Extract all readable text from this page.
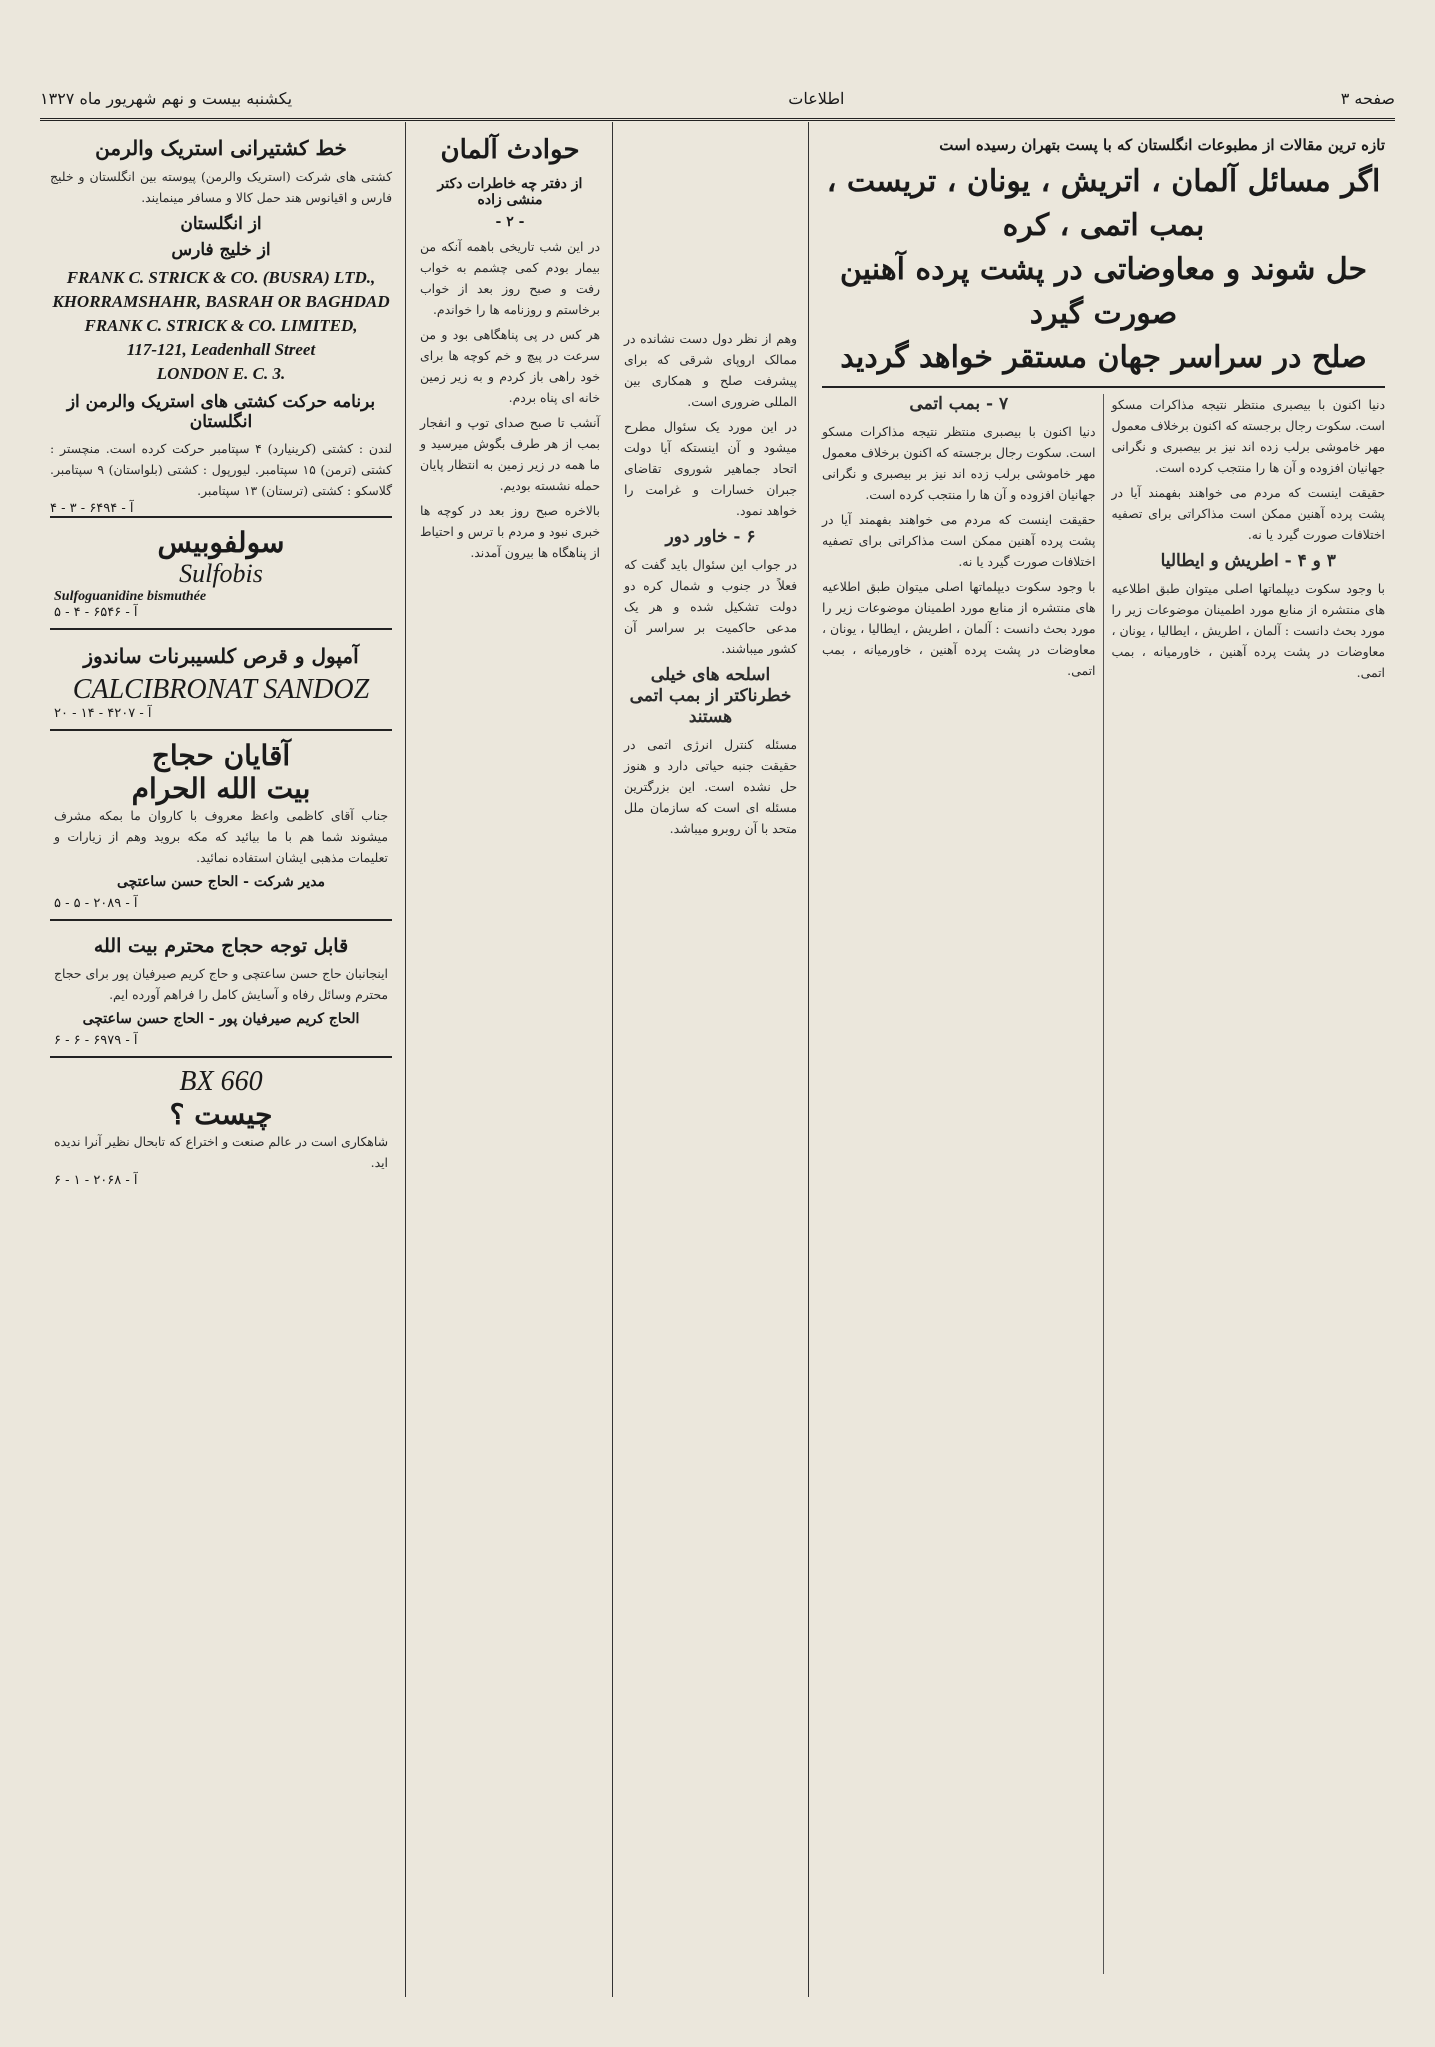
صفحه ۳
اطلاعات
یکشنبه بیست و نهم شهریور ماه ۱۳۲۷
تازه ترین مقالات از مطبوعات انگلستان که با پست بتهران رسیده است
اگر مسائل آلمان ، اتریش ، یونان ، تریست ، بمب اتمی ، کره
حل شوند و معاوضاتی در پشت پرده آهنین صورت گیرد
صلح در سراسر جهان مستقر خواهد گردید

دنیا اکنون با بیصبری منتظر نتیجه مذاکرات مسکو است. سکوت رجال برجسته که اکنون برخلاف معمول مهر خاموشی برلب زده اند نیز بر بیصبری و نگرانی جهانیان افزوده و آن ها را منتجب کرده است.

حقیقت اینست که مردم می خواهند بفهمند آیا در پشت پرده آهنین ممکن است مذاکراتی برای تصفیه اختلافات صورت گیرد یا نه.

۳ و ۴ - اطریش و ایطالیا

با وجود سکوت دیپلماتها اصلی میتوان طبق اطلاعیه های منتشره از منابع مورد اطمینان موضوعات زیر را مورد بحث دانست : آلمان ، اطریش ، ایطالیا ، یونان ، معاوضات در پشت پرده آهنین ، خاورمیانه ، بمب اتمی.

۷ - بمب اتمی

دنیا اکنون با بیصبری منتظر نتیجه مذاکرات مسکو است. سکوت رجال برجسته که اکنون برخلاف معمول مهر خاموشی برلب زده اند نیز بر بیصبری و نگرانی جهانیان افزوده و آن ها را منتجب کرده است.

حقیقت اینست که مردم می خواهند بفهمند آیا در پشت پرده آهنین ممکن است مذاکراتی برای تصفیه اختلافات صورت گیرد یا نه.

با وجود سکوت دیپلماتها اصلی میتوان طبق اطلاعیه های منتشره از منابع مورد اطمینان موضوعات زیر را مورد بحث دانست : آلمان ، اطریش ، ایطالیا ، یونان ، معاوضات در پشت پرده آهنین ، خاورمیانه ، بمب اتمی.

وهم از نظر دول دست نشانده در ممالک اروپای شرقی که برای پیشرفت صلح و همکاری بین المللی ضروری است.

در این مورد یک سئوال مطرح میشود و آن اینستکه آیا دولت اتحاد جماهیر شوروی تقاضای جبران خسارات و غرامت را خواهد نمود.

۶ - خاور دور

در جواب این سئوال باید گفت که فعلاً در جنوب و شمال کره دو دولت تشکیل شده و هر یک مدعی حاکمیت بر سراسر آن کشور میباشند.

اسلحه های خیلی خطرناکتر از بمب اتمی هستند

مسئله کنترل انرژی اتمی در حقیقت جنبه حیاتی دارد و هنوز حل نشده است. این بزرگترین مسئله ای است که سازمان ملل متحد با آن روبرو میباشد.

حوادث آلمان
از دفتر چه خاطرات دکتر منشی زاده
- ۲ -

در این شب تاریخی باهمه آنکه من بیمار بودم کمی چشمم به خواب رفت و صبح روز بعد از خواب برخاستم و روزنامه ها را خواندم.

هر کس در پی پناهگاهی بود و من سرعت در پیچ و خم کوچه ها برای خود راهی باز کردم و به زیر زمین خانه ای پناه بردم.

آنشب تا صبح صدای توپ و انفجار بمب از هر طرف بگوش میرسید و ما همه در زیر زمین به انتظار پایان حمله نشسته بودیم.

بالاخره صبح روز بعد در کوچه ها خبری نبود و مردم با ترس و احتیاط از پناهگاه ها بیرون آمدند.

خط کشتیرانی استریک والرمن
کشتی های شرکت (استریک والرمن) پیوسته بین انگلستان و خلیج فارس و اقیانوس هند حمل کالا و مسافر مینمایند.
از انگلستان
از خلیج فارس
FRANK C. STRICK & CO. (BUSRA) LTD.,
KHORRAMSHAHR, BASRAH OR BAGHDAD
FRANK C. STRICK & CO. LIMITED,
117-121, Leadenhall Street
LONDON E. C. 3.
برنامه حرکت کشتی های استریک والرمن از انگلستان
لندن : کشتی (کرینیارد) ۴ سپتامبر حرکت کرده است. منچستر : کشتی (ترمن) ۱۵ سپتامبر. لیورپول : کشتی (بلواستان) ۹ سپتامبر. گلاسکو : کشتی (ترستان) ۱۳ سپتامبر.
آ - ۶۴۹۴ - ۳ - ۴
سولفوبیس
Sulfobis
Sulfoguanidine bismuthée
آ - ۶۵۴۶ - ۴ - ۵
آمپول و قرص کلسیبرنات ساندوز
CALCIBRONAT SANDOZ
آ - ۴۲۰۷ - ۱۴ - ۲۰
آقایان حجاج
بیت الله الحرام
جناب آقای کاظمی واعظ معروف با کاروان ما بمکه مشرف میشوند شما هم با ما بیائید که مکه بروید وهم از زیارات و تعلیمات مذهبی ایشان استفاده نمائید.
مدیر شرکت - الحاج حسن ساعتچی
آ - ۲۰۸۹ - ۵ - ۵
قابل توجه حجاج محترم بیت الله
اینجانبان حاج حسن ساعتچی و حاج کریم صیرفیان پور برای حجاج محترم وسائل رفاه و آسایش کامل را فراهم آورده ایم.
الحاج کریم صیرفیان پور - الحاج حسن ساعتچی
آ - ۶۹۷۹ - ۶ - ۶
BX 660
چیست ؟
شاهکاری است در عالم صنعت و اختراع که تابحال نظیر آنرا ندیده اید.
آ - ۲۰۶۸ - ۱ - ۶
